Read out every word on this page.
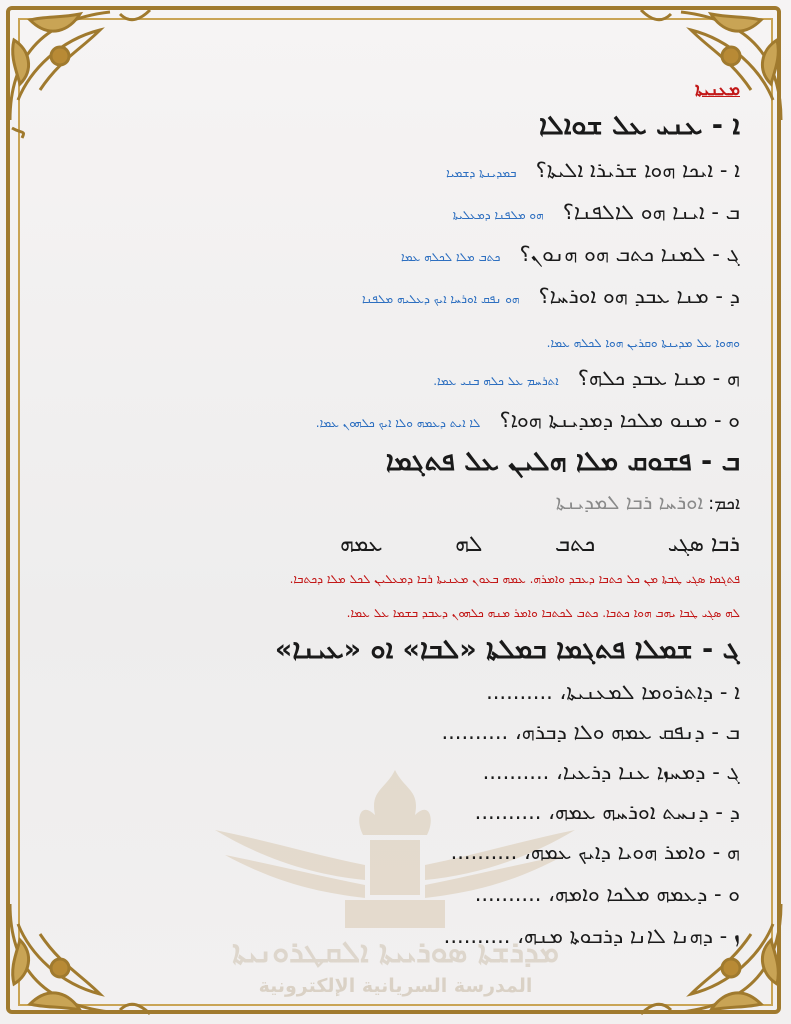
ܡܕܪܫܬܐ ܣܘܪܝܝܬܐ ܐܠܩܛܪܘܢܝܬܐ
المدرسة السريانية الإلكترونية
ܡܥܢܝܬܐ
ܐ - ܥܢܝ ܥܠ ܫܘܐܠܐ
ܐ - ܐܝܟܐ ܗܘܐ ܫܪܝܪܐ ܐܠܝܬܐ؟ ܒܡܕܝܢܬܐ ܕܫܡܝܐ
ܒ - ܐܝܢܐ ܗܘ ܠܐܠܦܢܐ؟ ܗܘ ܡܠܦܢܐ ܕܡܥܠܝܬܐ
ܓ - ܠܡܢܐ ܟܬܒ ܗܘ ܗܢܘܢ؟ ܟܬܒ ܡܠܐ ܠܟܠܗ ܥܡܐ
ܕ - ܡܢܐ ܥܒܕ ܗܘ ܐܘܪܚܐ؟ ܗܘ ܢܦܩ ܐܘܪܚܐ ܐܝܟ ܕܥܠܝܗ ܡܠܦܢܐ
ܘܗܘܐ ܥܠ ܡܕܝܢܬܐ ܘܩܪܝܢ ܗܘܐ ܠܟܠܗ ܥܡܐ.
ܗ - ܡܢܐ ܥܒܕ ܟܠܗ؟ ܐܬܪܚܡ ܥܠ ܟܠܗ ܒܢܝ ܥܡܐ.
ܘ - ܡܢܘ ܡܠܟܐ ܕܡܕܝܢܬܐ ܗܘܐ؟ ܠܐ ܐܝܬ ܕܥܡܗ ܘܠܐ ܐܝܟ ܟܠܗܘܢ ܥܡܐ.
ܒ - ܦܫܘܩ ܡܠܐ ܗܠܝܢ ܥܠ ܦܬܓܡܐ
ܐܟܡ: ܐܘܪܚܐ ܪܒܐ ܠܡܕܝܢܬܐ
ܪܒܐ ܣܓܝ
ܟܬܒ
ܠܗ
ܥܡܗ
ܦܬܓܡܐ ܣܓܝ ܛܒܬܐ ܡܢ ܟܠ ܟܬܒܐ ܕܥܒܕ ܘܐܡܪܗ. ܥܡܗ ܒܥܘܢ ܡܥܢܝܬܐ ܪܒܐ ܕܡܥܠܝܢ ܠܟܠ ܡܠܐ ܕܟܬܒܐ.
ܠܗ ܣܓܝ ܛܒܐ ܝܗܒ ܗܘܐ ܟܬܒܐ. ܟܬܒ ܠܟܬܒܐ ܘܐܡܪ ܡܢܗ ܟܠܗܘܢ ܕܥܒܕ ܒܫܡܐ ܥܠ ܥܡܐ.
ܓ - ܫܡܠܐ ܦܬܓܡܐ ܒܡܠܬܐ «ܠܒܐ» ܐܘ «ܥܝܢܐ»
ܐ - ܕܐܬܪܘܡܐ ܠܡܥܢܝܬܐ، ..........
ܒ - ܕܢܦܩ ܥܡܗ ܘܠܐ ܕܒܪܗ، ..........
ܓ - ܕܡܚܙܐ ܥܢܐ ܕܪܥܝܐ، ..........
ܕ - ܕܢܚܬ ܐܘܪܚܗ ܥܡܗ، ..........
ܗ - ܘܐܡܪ ܗܘܝܐ ܕܐܝܟ ܥܡܗ، ..........
ܘ - ܕܥܡܗ ܡܠܟܐ ܘܐܡܗ، ..........
ܙ - ܕܗܢܐ ܠܐܢܐ ܕܪܒܘܬܐ ܡܢܗ، ..........
